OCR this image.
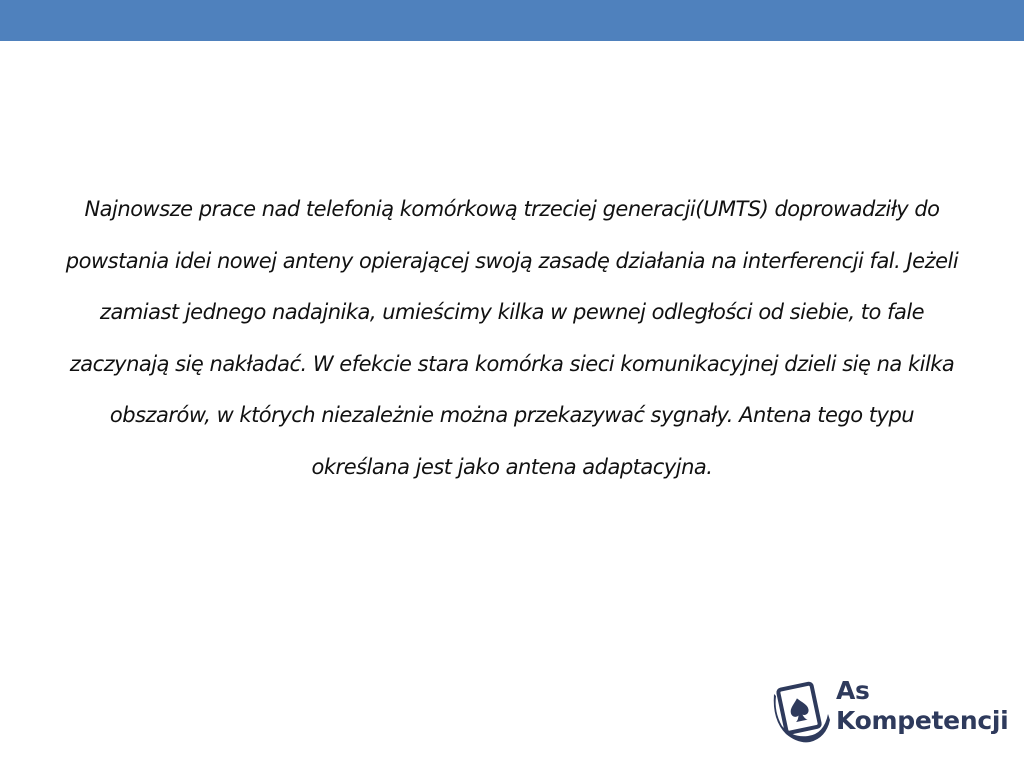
Najnowsze prace nad telefonią komórkową trzeciej generacji(UMTS) doprowadziły do powstania idei nowej anteny opierającej swoją zasadę działania na interferencji fal. Jeżeli zamiast jednego nadajnika, umieścimy kilka w pewnej odległości od siebie, to fale zaczynają się nakładać. W efekcie stara komórka sieci komunikacyjnej dzieli się na kilka obszarów, w których niezależnie można przekazywać sygnały. Antena tego typu określana jest jako antena adaptacyjna.

As
Kompetencji
